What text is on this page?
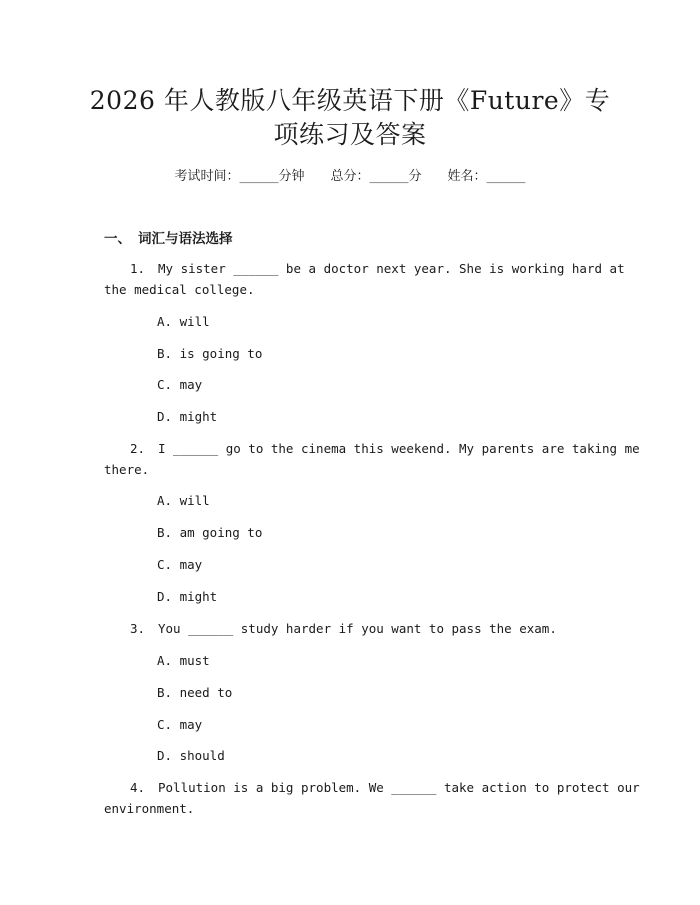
2026 年人教版八年级英语下册《Future》专
项练习及答案
考试时间：______分钟 总分：______分 姓名：______
一、 词汇与语法选择
1. My sister ______ be a doctor next year. She is working hard at
the medical college.
A. will
B. is going to
C. may
D. might
2. I ______ go to the cinema this weekend. My parents are taking me
there.
A. will
B. am going to
C. may
D. might
3. You ______ study harder if you want to pass the exam.
A. must
B. need to
C. may
D. should
4. Pollution is a big problem. We ______ take action to protect our
environment.
